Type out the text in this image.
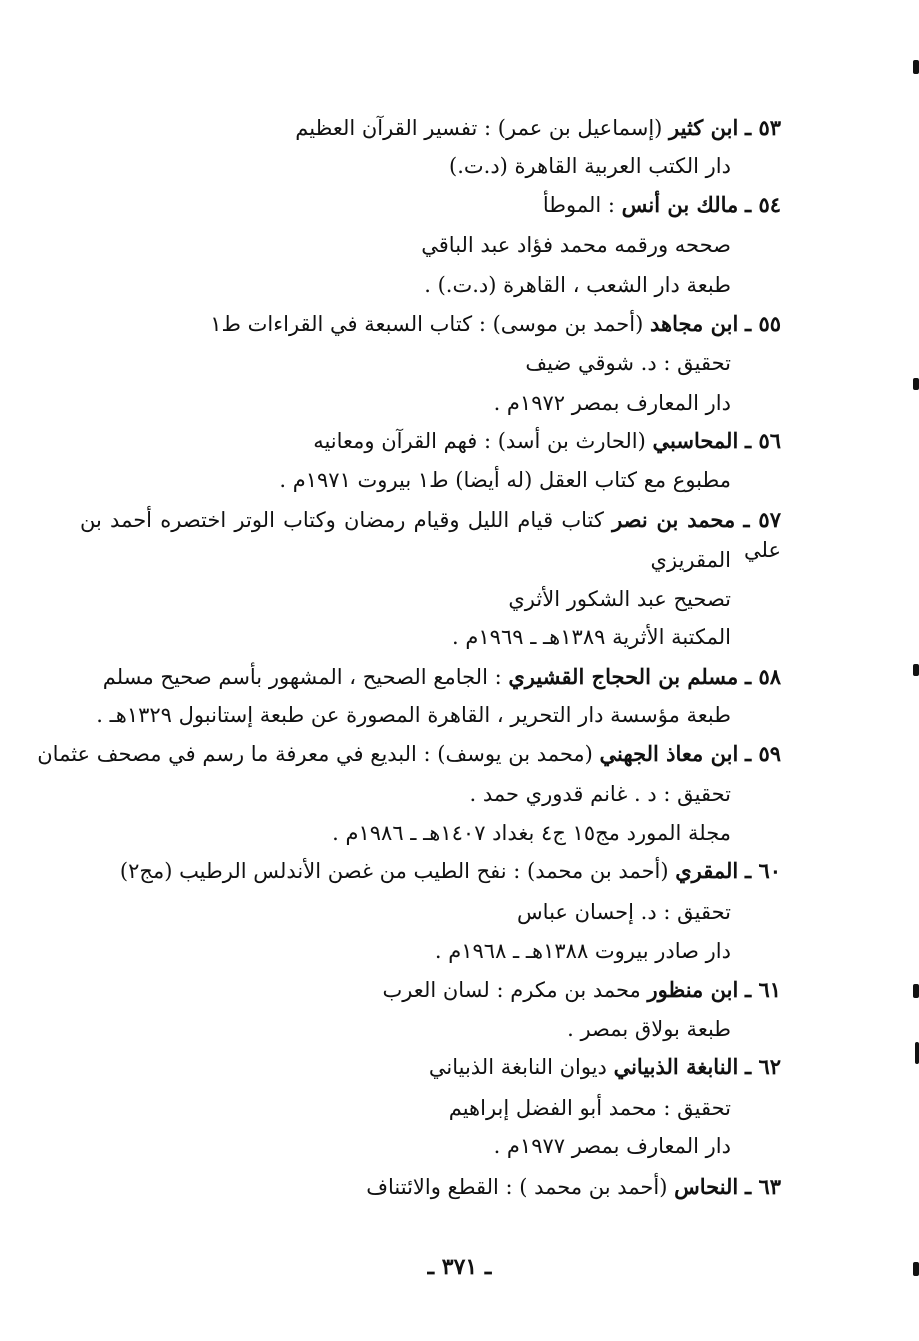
٥٣ ـ ابن كثير (إسماعيل بن عمر) : تفسير القرآن العظيم
دار الكتب العربية القاهرة (د.ت.)
٥٤ ـ مالك بن أنس : الموطأ
صححه ورقمه محمد فؤاد عبد الباقي
طبعة دار الشعب ، القاهرة (د.ت.) .
٥٥ ـ ابن مجاهد (أحمد بن موسى) : كتاب السبعة في القراءات ط١
تحقيق : د. شوقي ضيف
دار المعارف بمصر ١٩٧٢م .
٥٦ ـ المحاسبي (الحارث بن أسد) : فهم القرآن ومعانيه
مطبوع مع كتاب العقل (له أيضا) ط١ بيروت ١٩٧١م .
٥٧ ـ محمد بن نصر كتاب قيام الليل وقيام رمضان وكتاب الوتر اختصره أحمد بن علي
المقريزي
تصحيح عبد الشكور الأثري
المكتبة الأثرية ١٣٨٩هـ ـ ١٩٦٩م .
٥٨ ـ مسلم بن الحجاج القشيري : الجامع الصحيح ، المشهور بأسم صحيح مسلم
طبعة مؤسسة دار التحرير ، القاهرة المصورة عن طبعة إستانبول ١٣٢٩هـ .
٥٩ ـ ابن معاذ الجهني (محمد بن يوسف) : البديع في معرفة ما رسم في مصحف عثمان
تحقيق : د . غانم قدوري حمد .
مجلة المورد مج١٥ ج٤ بغداد ١٤٠٧هـ ـ ١٩٨٦م .
٦٠ ـ المقري (أحمد بن محمد) : نفح الطيب من غصن الأندلس الرطيب (مج٢)
تحقيق : د. إحسان عباس
دار صادر بيروت ١٣٨٨هـ ـ ١٩٦٨م .
٦١ ـ ابن منظور محمد بن مكرم : لسان العرب
طبعة بولاق بمصر .
٦٢ ـ النابغة الذبياني ديوان النابغة الذبياني
تحقيق : محمد أبو الفضل إبراهيم
دار المعارف بمصر ١٩٧٧م .
٦٣ ـ النحاس (أحمد بن محمد ) : القطع والائتناف
ـ ٣٧١ ـ
